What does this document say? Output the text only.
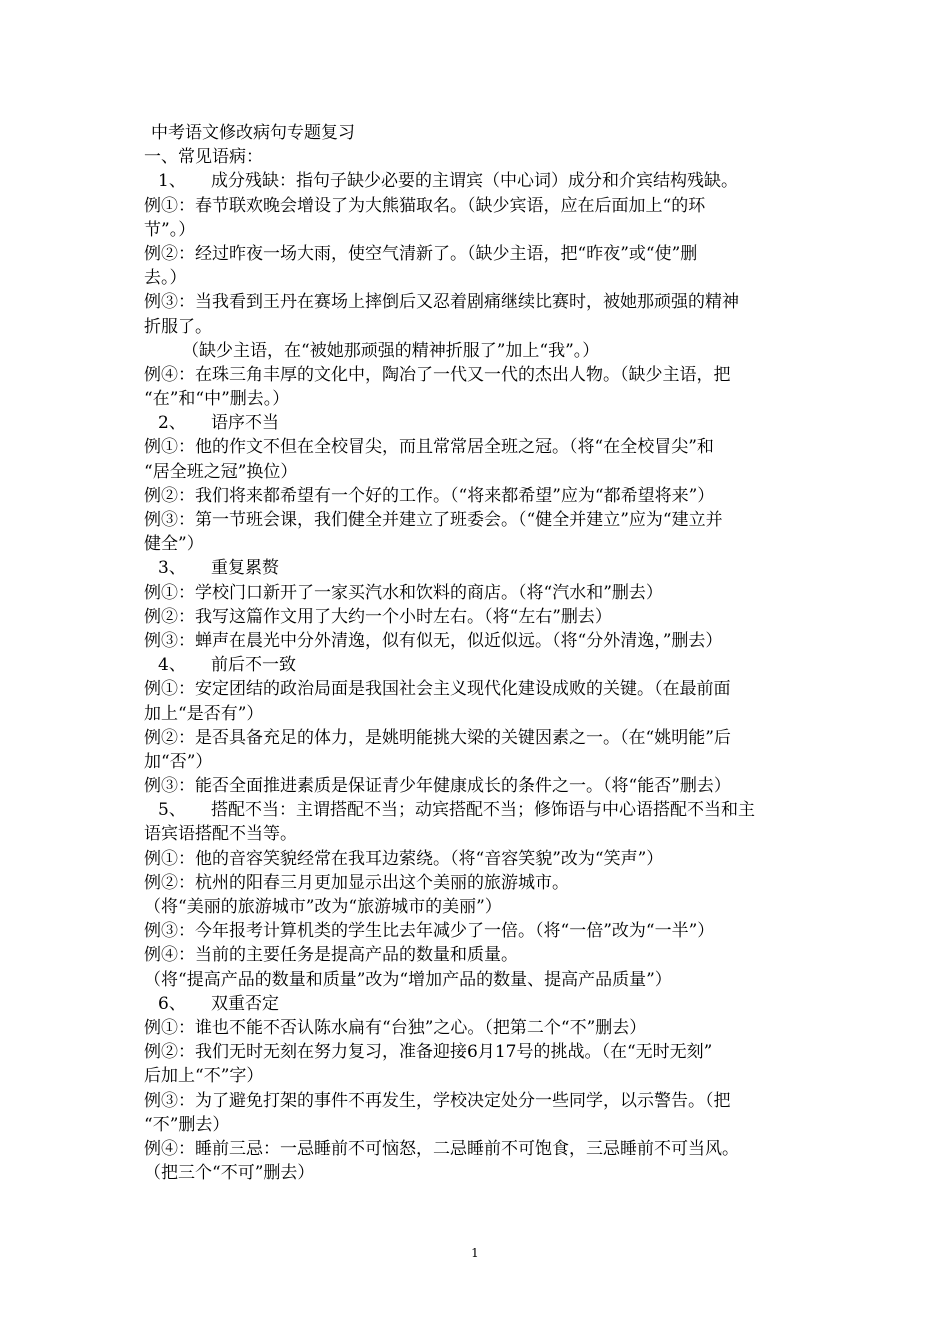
中考语文修改病句专题复习
一、常见语病：
1、 成分残缺：指句子缺少必要的主谓宾（中心词）成分和介宾结构残缺。
例①：春节联欢晚会增设了为大熊猫取名。（缺少宾语，应在后面加上“的环
节”。）
例②：经过昨夜一场大雨，使空气清新了。（缺少主语，把“昨夜”或“使”删
去。）
例③：当我看到王丹在赛场上摔倒后又忍着剧痛继续比赛时，被她那顽强的精神
折服了。
（缺少主语，在“被她那顽强的精神折服了”加上“我”。）
例④：在珠三角丰厚的文化中，陶冶了一代又一代的杰出人物。（缺少主语，把
“在”和“中”删去。）
2、 语序不当
例①：他的作文不但在全校冒尖，而且常常居全班之冠。（将“在全校冒尖”和
“居全班之冠”换位）
例②：我们将来都希望有一个好的工作。（“将来都希望”应为“都希望将来”）
例③：第一节班会课，我们健全并建立了班委会。（“健全并建立”应为“建立并
健全”）
3、 重复累赘
例①：学校门口新开了一家买汽水和饮料的商店。（将“汽水和”删去）
例②：我写这篇作文用了大约一个小时左右。（将“左右”删去）
例③：蝉声在晨光中分外清逸，似有似无，似近似远。（将“分外清逸，”删去）
4、 前后不一致
例①：安定团结的政治局面是我国社会主义现代化建设成败的关键。（在最前面
加上“是否有”）
例②：是否具备充足的体力，是姚明能挑大梁的关键因素之一。（在“姚明能”后
加“否”）
例③：能否全面推进素质是保证青少年健康成长的条件之一。（将“能否”删去）
5、 搭配不当：主谓搭配不当；动宾搭配不当；修饰语与中心语搭配不当和主
语宾语搭配不当等。
例①：他的音容笑貌经常在我耳边萦绕。（将“音容笑貌”改为“笑声”）
例②：杭州的阳春三月更加显示出这个美丽的旅游城市。
（将“美丽的旅游城市”改为“旅游城市的美丽”）
例③：今年报考计算机类的学生比去年减少了一倍。（将“一倍”改为“一半”）
例④：当前的主要任务是提高产品的数量和质量。
（将“提高产品的数量和质量”改为“增加产品的数量、提高产品质量”）
6、 双重否定
例①：谁也不能不否认陈水扁有“台独”之心。（把第二个“不”删去）
例②：我们无时无刻在努力复习，准备迎接6月17号的挑战。（在“无时无刻”
后加上“不”字）
例③：为了避免打架的事件不再发生，学校决定处分一些同学，以示警告。（把
“不”删去）
例④：睡前三忌：一忌睡前不可恼怒，二忌睡前不可饱食，三忌睡前不可当风。
（把三个“不可”删去）
1
